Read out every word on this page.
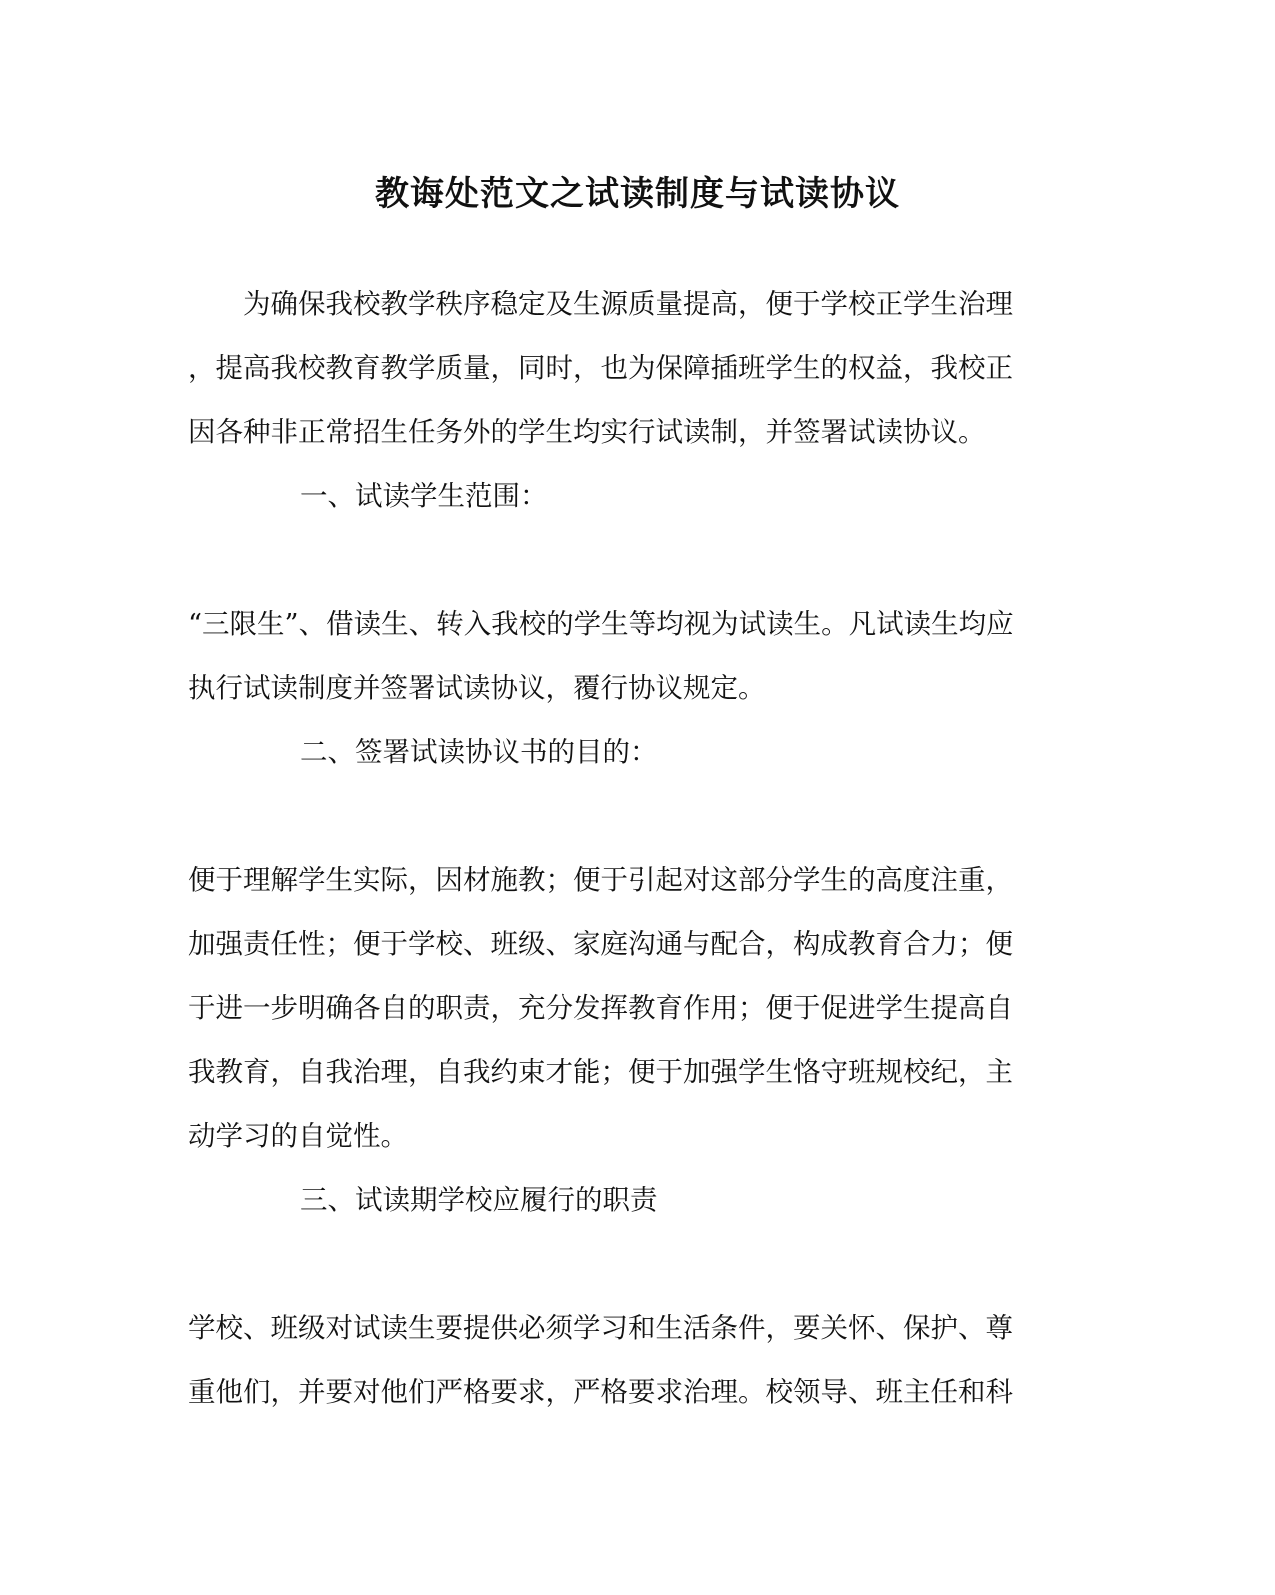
教诲处范文之试读制度与试读协议
为确保我校教学秩序稳定及生源质量提高，便于学校正学生治理
，提高我校教育教学质量，同时，也为保障插班学生的权益，我校正
因各种非正常招生任务外的学生均实行试读制，并签署试读协议。
一、试读学生范围：
“三限生”、借读生、转入我校的学生等均视为试读生。凡试读生均应
执行试读制度并签署试读协议，覆行协议规定。
二、签署试读协议书的目的：
便于理解学生实际，因材施教；便于引起对这部分学生的高度注重，
加强责任性；便于学校、班级、家庭沟通与配合，构成教育合力；便
于进一步明确各自的职责，充分发挥教育作用；便于促进学生提高自
我教育，自我治理，自我约束才能；便于加强学生恪守班规校纪，主
动学习的自觉性。
三、试读期学校应履行的职责
学校、班级对试读生要提供必须学习和生活条件，要关怀、保护、尊
重他们，并要对他们严格要求，严格要求治理。校领导、班主任和科
